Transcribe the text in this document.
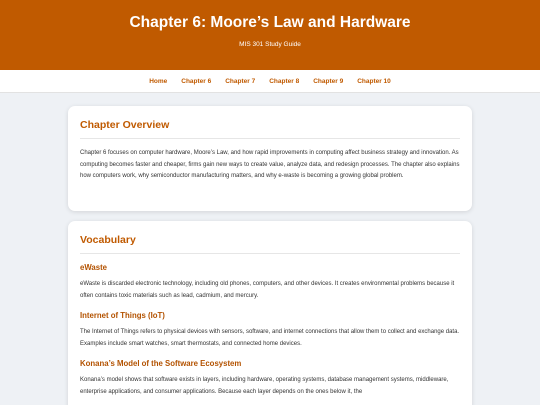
Chapter 6: Moore’s Law and Hardware
MIS 301 Study Guide
Home Chapter 6 Chapter 7 Chapter 8 Chapter 9 Chapter 10
Chapter Overview

Chapter 6 focuses on computer hardware, Moore’s Law, and how rapid improvements in computing affect business strategy and innovation. As computing becomes faster and cheaper, firms gain new ways to create value, analyze data, and redesign processes. The chapter also explains how computers work, why semiconductor manufacturing matters, and why e-waste is becoming a growing global problem.

Vocabulary
eWaste

eWaste is discarded electronic technology, including old phones, computers, and other devices. It creates environmental problems because it often contains toxic materials such as lead, cadmium, and mercury.

Internet of Things (IoT)

The Internet of Things refers to physical devices with sensors, software, and internet connections that allow them to collect and exchange data. Examples include smart watches, smart thermostats, and connected home devices.

Konana’s Model of the Software Ecosystem

Konana’s model shows that software exists in layers, including hardware, operating systems, database management systems, middleware, enterprise applications, and consumer applications. Because each layer depends on the ones below it, the
